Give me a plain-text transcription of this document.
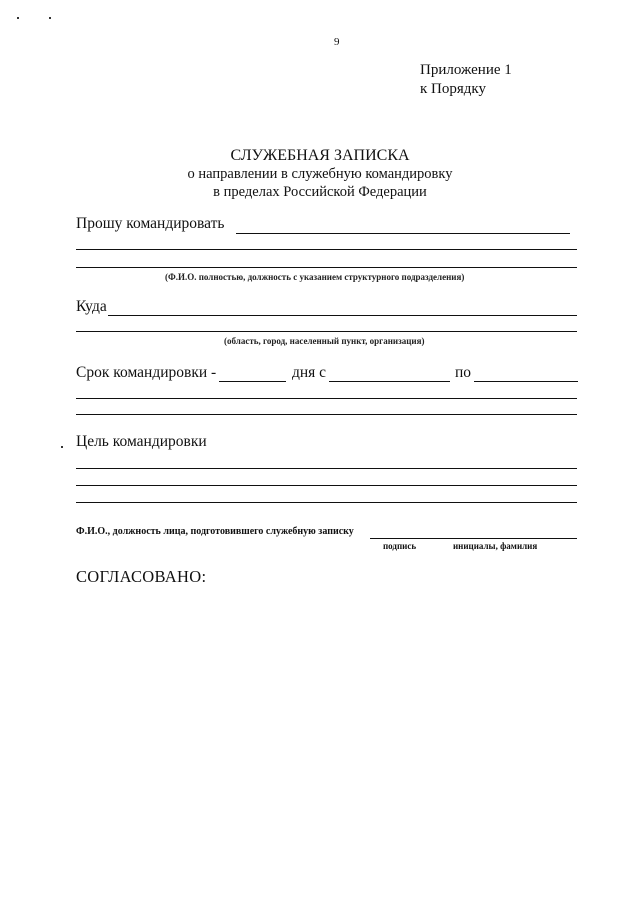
9
Приложение 1
к Порядку
СЛУЖЕБНАЯ ЗАПИСКА
о направлении в служебную командировку
в пределах Российской Федерации
Прошу командировать
(Ф.И.О. полностью, должность с указанием структурного подразделения)
Куда
(область, город, населенный пункт, организация)
Срок командировки -	дня с	по
Цель командировки
Ф.И.О., должность лица, подготовившего служебную записку
подпись	инициалы, фамилия
СОГЛАСОВАНО:
